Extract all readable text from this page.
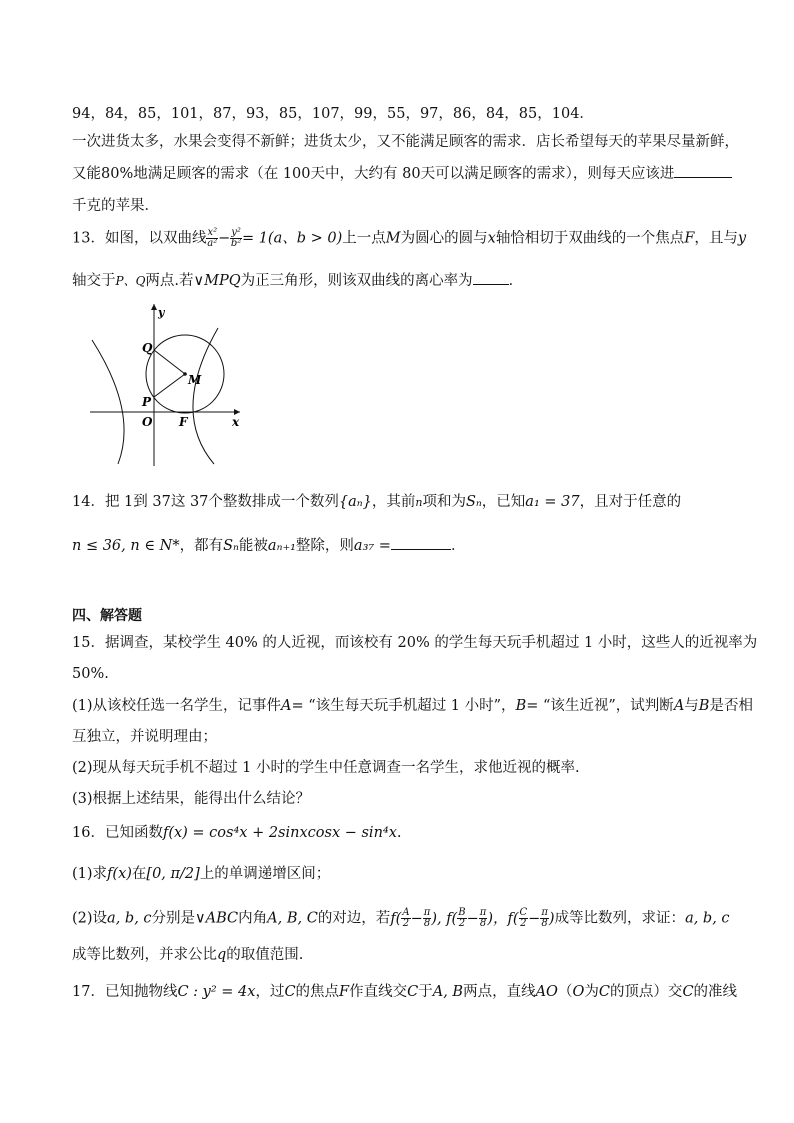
94，84，85，101，87，93，85，107，99，55，97，86，84，85，104．
一次进货太多，水果会变得不新鲜；进货太少，又不能满足顾客的需求．店长希望每天的苹果尽量新鲜，
又能80%地满足顾客的需求（在 100天中，大约有 80天可以满足顾客的需求），则每天应该进
千克的苹果．
13．如图，以双曲线 $\frac{\text{x²}}{\text{a²}} - \frac{\text{y²}}{\text{b²}} = 1(a$、b > 0)上一点M为圆心的圆与x轴恰相切于双曲线的一个焦点F，且与y
轴交于P、Q两点.若∨MPQ为正三角形，则该双曲线的离心率为 ．
y
Q
M
P
O F	x
14．把 1到 37这 37个整数排成一个数列{aₙ}，其前n项和为Sₙ，已知a₁ = 37，且对于任意的
n ≤ 36, n ∈ N*，都有Sₙ能被aₙ₊₁整除，则a₃₇ =	．
四、解答题
15．据调查，某校学生 40% 的人近视，而该校有 20% 的学生每天玩手机超过 1 小时，这些人的近视率为
50%.
(1)从该校任选一名学生，记事件A= “该生每天玩手机超过 1 小时”，B= “该生近视”，试判断A与B是否相
互独立，并说明理由；
(2)现从每天玩手机不超过 1 小时的学生中任意调查一名学生，求他近视的概率.
(3)根据上述结果，能得出什么结论？
16．已知函数f(x) = cos⁴x + 2sinxcosx − sin⁴x.
(1)求f(x)在[0, π/2]上的单调递增区间；
(2)设a, b, c分别是∨ABC内角A, B, C的对边，若$f( \frac{A}{2} - \frac{\pi}{8}$ ), $f( \frac{B}{2} - \frac{\pi}{8}$ )，$f( \frac{C}{2} - \frac{\pi}{8}$ )成等比数列，求证：a, b, c
成等比数列，并求公比q的取值范围.
17．已知抛物线C : y² = 4x，过C的焦点F作直线交C于A, B两点，直线AO（O为C的顶点）交C的准线
